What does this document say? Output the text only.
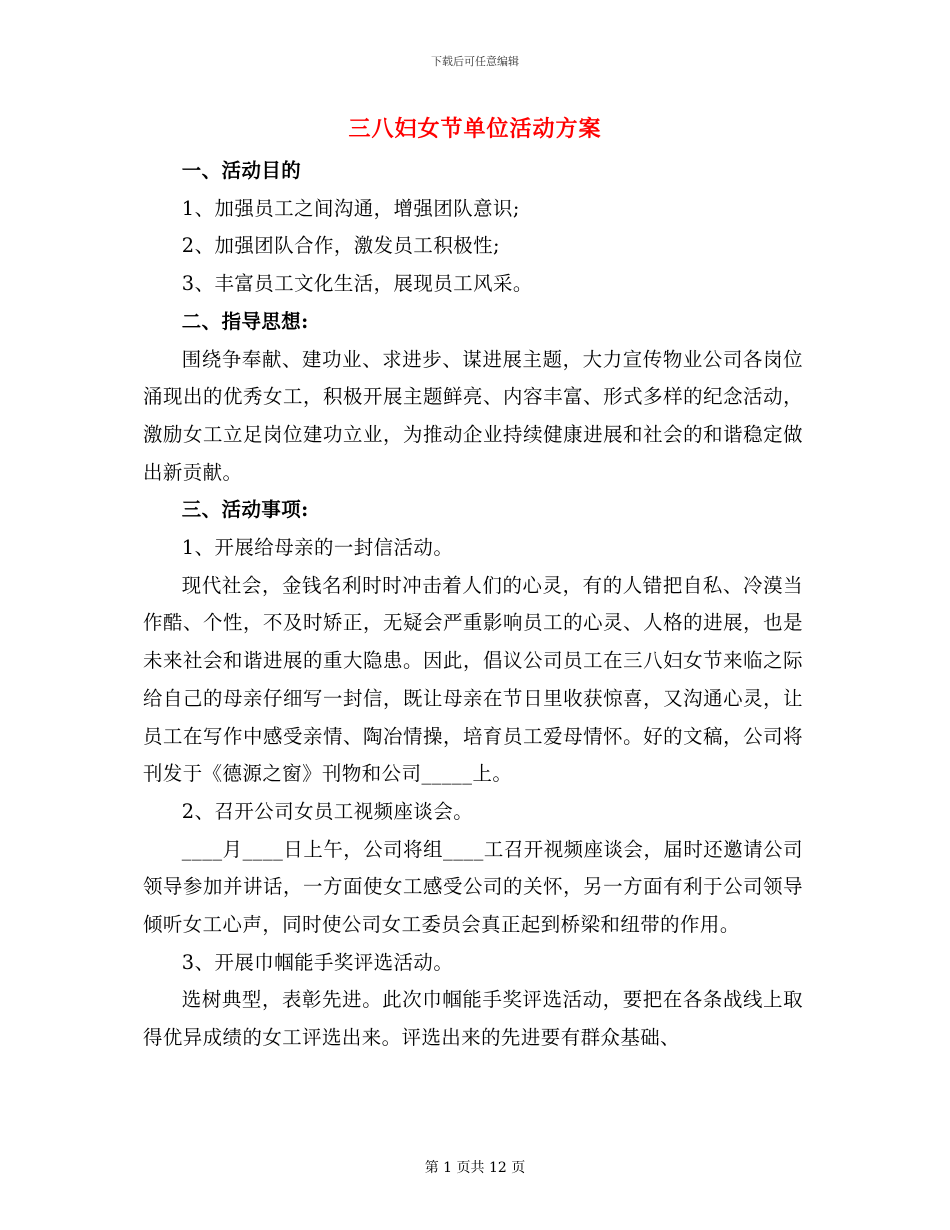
下载后可任意编辑
三八妇女节单位活动方案

一、活动目的

1、加强员工之间沟通，增强团队意识;

2、加强团队合作，激发员工积极性;

3、丰富员工文化生活，展现员工风采。

二、指导思想:

围绕争奉献、建功业、求进步、谋进展主题，大力宣传物业公司各岗位涌现出的优秀女工，积极开展主题鲜亮、内容丰富、形式多样的纪念活动，激励女工立足岗位建功立业，为推动企业持续健康进展和社会的和谐稳定做出新贡献。

三、活动事项:

1、开展给母亲的一封信活动。

现代社会，金钱名利时时冲击着人们的心灵，有的人错把自私、冷漠当作酷、个性，不及时矫正，无疑会严重影响员工的心灵、人格的进展，也是未来社会和谐进展的重大隐患。因此，倡议公司员工在三八妇女节来临之际给自己的母亲仔细写一封信，既让母亲在节日里收获惊喜，又沟通心灵，让员工在写作中感受亲情、陶冶情操，培育员工爱母情怀。好的文稿，公司将刊发于《德源之窗》刊物和公司_____上。

2、召开公司女员工视频座谈会。

____月____日上午，公司将组____工召开视频座谈会，届时还邀请公司领导参加并讲话，一方面使女工感受公司的关怀，另一方面有利于公司领导倾听女工心声，同时使公司女工委员会真正起到桥梁和纽带的作用。

3、开展巾帼能手奖评选活动。

选树典型，表彰先进。此次巾帼能手奖评选活动，要把在各条战线上取得优异成绩的女工评选出来。评选出来的先进要有群众基础、

第 1 页共 12 页
